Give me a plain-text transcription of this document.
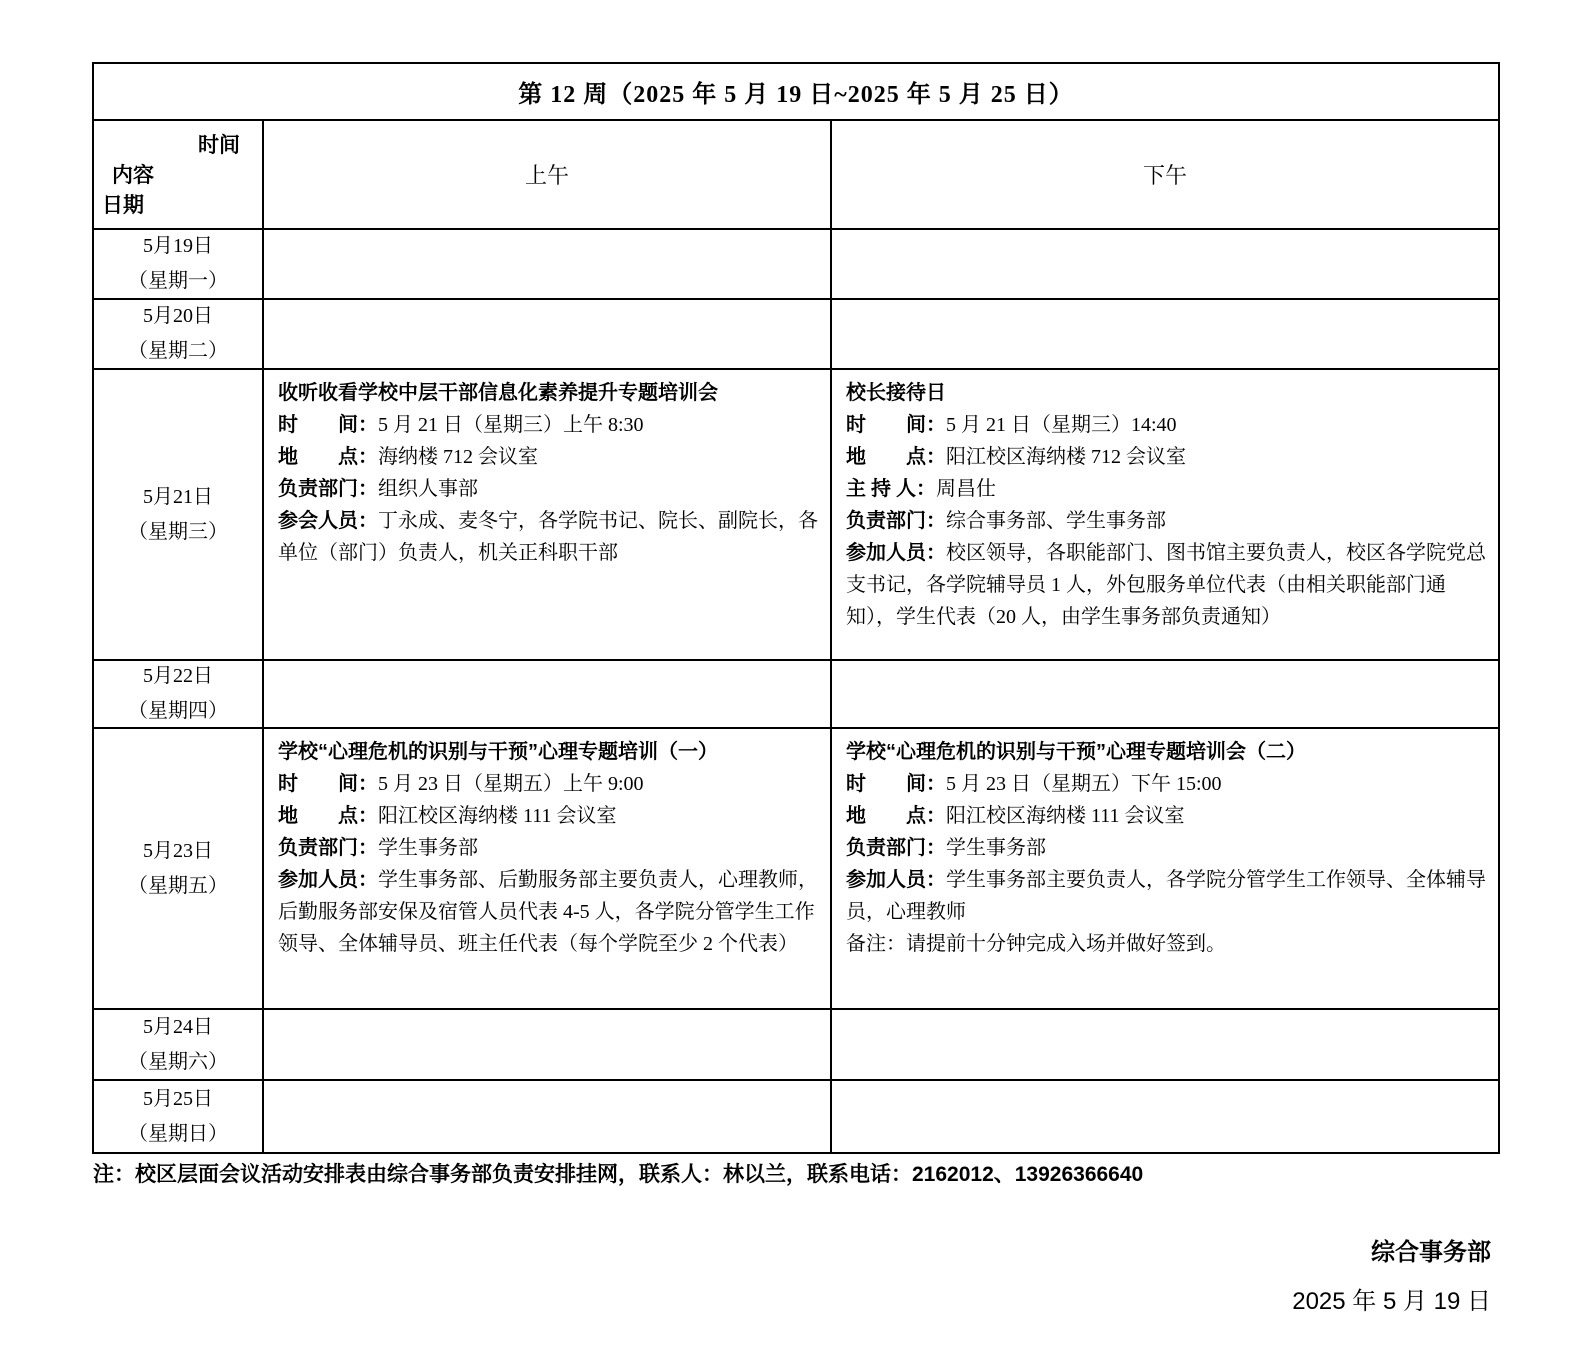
第 12 周（2025 年 5 月 19 日~2025 年 5 月 25 日）
时间
内容
日期
上午	下午
5月19日
（星期一）
5月20日
（星期二）
5月21日
（星期三）

收听收看学校中层干部信息化素养提升专题培训会

时　　间：5 月 21 日（星期三）上午 8:30

地　　点：海纳楼 712 会议室

负责部门：组织人事部

参会人员：丁永成、麦冬宁，各学院书记、院长、副院长，各单位（部门）负责人，机关正科职干部

校长接待日

时　　间：5 月 21 日（星期三）14:40

地　　点：阳江校区海纳楼 712 会议室

主 持 人：周昌仕

负责部门：综合事务部、学生事务部

参加人员：校区领导，各职能部门、图书馆主要负责人，校区各学院党总支书记，各学院辅导员 1 人，外包服务单位代表（由相关职能部门通知），学生代表（20 人，由学生事务部负责通知）

5月22日
（星期四）
5月23日
（星期五）

学校“心理危机的识别与干预”心理专题培训（一）

时　　间：5 月 23 日（星期五）上午 9:00

地　　点：阳江校区海纳楼 111 会议室

负责部门：学生事务部

参加人员：学生事务部、后勤服务部主要负责人，心理教师，后勤服务部安保及宿管人员代表 4-5 人，各学院分管学生工作领导、全体辅导员、班主任代表（每个学院至少 2 个代表）

学校“心理危机的识别与干预”心理专题培训会（二）

时　　间：5 月 23 日（星期五）下午 15:00

地　　点：阳江校区海纳楼 111 会议室

负责部门：学生事务部

参加人员：学生事务部主要负责人，各学院分管学生工作领导、全体辅导员，心理教师

备注：请提前十分钟完成入场并做好签到。

5月24日
（星期六）
5月25日
（星期日）
注：校区层面会议活动安排表由综合事务部负责安排挂网，联系人：林以兰，联系电话：2162012、13926366640
综合事务部
2025 年 5 月 19 日
